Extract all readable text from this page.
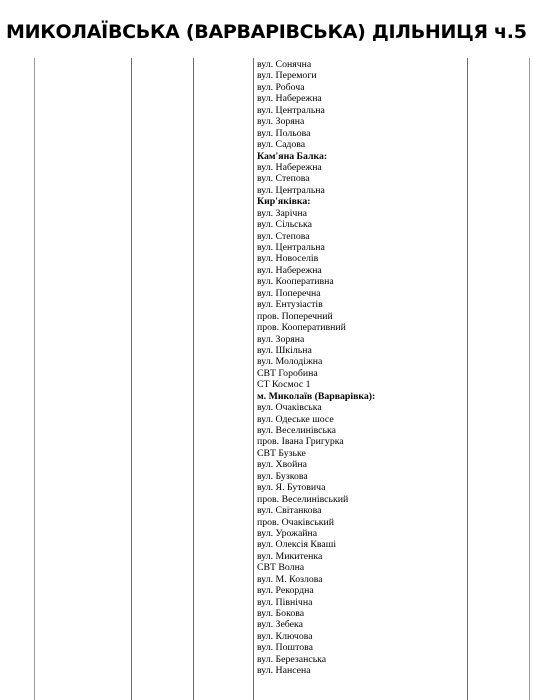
МИКОЛАЇВСЬКА (ВАРВАРІВСЬКА) ДІЛЬНИЦЯ ч.5
вул. Сонячна
вул. Перемоги
вул. Робоча
вул. Набережна
вул. Центральна
вул. Зоряна
вул. Польова
вул. Садова
Кам'яна Балка:
вул. Набережна
вул. Степова
вул. Центральна
Кир'яківка:
вул. Зарічна
вул. Сільська
вул. Степова
вул. Центральна
вул. Новоселів
вул. Набережна
вул. Кооперативна
вул. Поперечна
вул. Ентузіастів
пров. Поперечний
пров. Кооперативний
вул. Зоряна
вул. Шкільна
вул. Молодіжна
СВТ Горобина
СТ Космос 1
м. Миколаїв (Варварівка):
вул. Очаківська
вул. Одеське шосе
вул. Веселинівська
пров. Івана Григурка
СВТ Бузьке
вул. Хвойна
вул. Бузкова
вул. Я. Бутовича
пров. Веселинівський
вул. Світанкова
пров. Очаківський
вул. Урожайна
вул. Олексія Кваші
вул. Микитенка
СВТ Волна
вул. М. Козлова
вул. Рекордна
вул. Північна
вул. Бокова
вул. Зебека
вул. Ключова
вул. Поштова
вул. Березанська
вул. Нансена
